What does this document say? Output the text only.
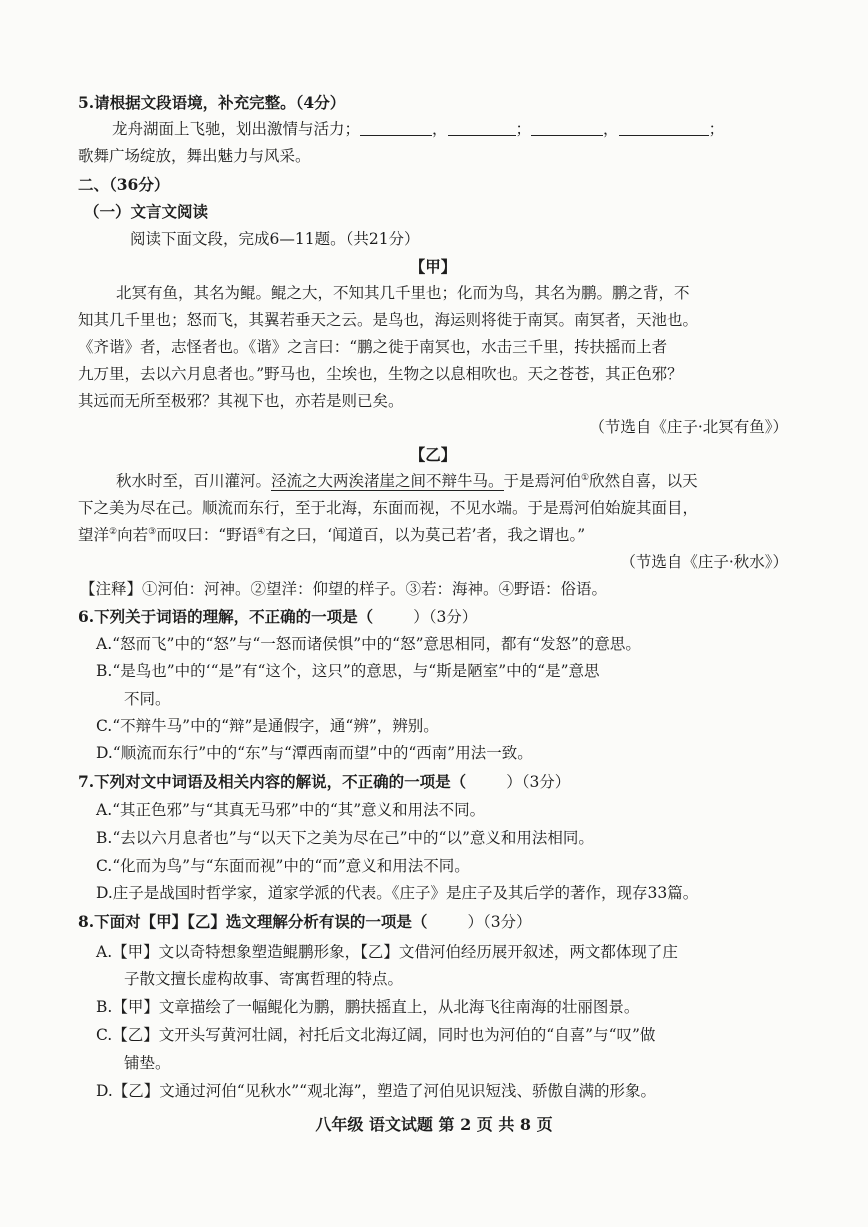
5.请根据文段语境，补充完整。（4分）
龙舟湖面上飞驰，划出激情与活力；	，	；	，	；
歌舞广场绽放，舞出魅力与风采。
二、（36分）
（一）文言文阅读
阅读下面文段，完成6—11题。（共21分）
【甲】
北冥有鱼，其名为鲲。鲲之大，不知其几千里也；化而为鸟，其名为鹏。鹏之背，不
知其几千里也；怒而飞，其翼若垂天之云。是鸟也，海运则将徙于南冥。南冥者，天池也。
《齐谐》者，志怪者也。《谐》之言曰：“鹏之徙于南冥也，水击三千里，抟扶摇而上者
九万里，去以六月息者也。”野马也，尘埃也，生物之以息相吹也。天之苍苍，其正色邪？
其远而无所至极邪？其视下也，亦若是则已矣。
（节选自《庄子·北冥有鱼》）
【乙】
秋水时至，百川灌河。泾流之大两涘渚崖之间不辩牛马。于是焉河伯①欣然自喜，以天
下之美为尽在己。顺流而东行，至于北海，东面而视，不见水端。于是焉河伯始旋其面目，
望洋②向若③而叹曰：“野语④有之曰，‘闻道百，以为莫己若’者，我之谓也。”
（节选自《庄子·秋水》）
【注释】①河伯：河神。②望洋：仰望的样子。③若：海神。④野语：俗语。
6.下列关于词语的理解，不正确的一项是（	）（3分）
A.“怒而飞”中的“怒”与“一怒而诸侯惧”中的“怒”意思相同，都有“发怒”的意思。
B.“是鸟也”中的‘“是”有“这个，这只”的意思，与“斯是陋室”中的“是”意思
不同。
C.“不辩牛马”中的“辩”是通假字，通“辨”，辨别。
D.“顺流而东行”中的“东”与“潭西南而望”中的“西南”用法一致。
7.下列对文中词语及相关内容的解说，不正确的一项是（	）（3分）
A.“其正色邪”与“其真无马邪”中的“其”意义和用法不同。
B.“去以六月息者也”与“以天下之美为尽在己”中的“以”意义和用法相同。
C.“化而为鸟”与“东面而视”中的“而”意义和用法不同。
D.庄子是战国时哲学家，道家学派的代表。《庄子》是庄子及其后学的著作，现存33篇。
8.下面对【甲】【乙】选文理解分析有误的一项是（	）（3分）
A.【甲】文以奇特想象塑造鲲鹏形象，【乙】文借河伯经历展开叙述，两文都体现了庄
子散文擅长虚构故事、寄寓哲理的特点。
B.【甲】文章描绘了一幅鲲化为鹏，鹏扶摇直上，从北海飞往南海的壮丽图景。
C.【乙】文开头写黄河壮阔，衬托后文北海辽阔，同时也为河伯的“自喜”与“叹”做
铺垫。
D.【乙】文通过河伯“见秋水”“观北海”，塑造了河伯见识短浅、骄傲自满的形象。
八年级 语文试题 第 2 页 共 8 页
